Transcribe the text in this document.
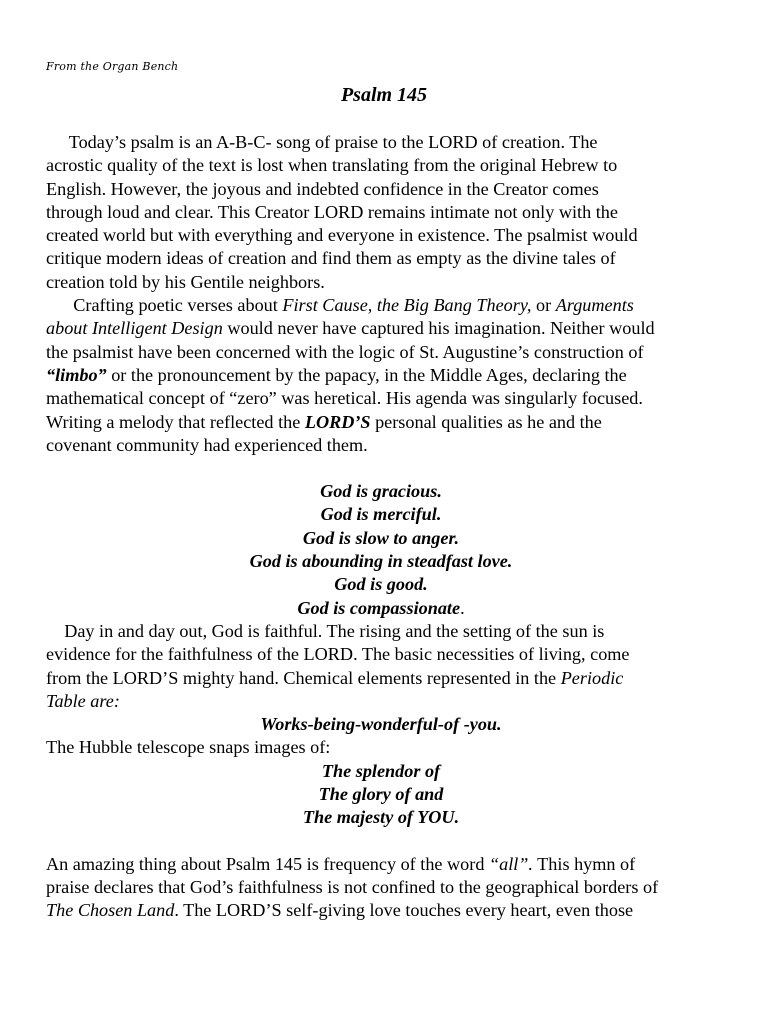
From the Organ Bench
Psalm 145
Today’s psalm is an A-B-C- song of praise to the LORD of creation. The
acrostic quality of the text is lost when translating from the original Hebrew to
English. However, the joyous and indebted confidence in the Creator comes
through loud and clear. This Creator LORD remains intimate not only with the
created world but with everything and everyone in existence. The psalmist would
critique modern ideas of creation and find them as empty as the divine tales of
creation told by his Gentile neighbors.
Crafting poetic verses about First Cause, the Big Bang Theory, or Arguments
about Intelligent Design would never have captured his imagination. Neither would
the psalmist have been concerned with the logic of St. Augustine’s construction of
“limbo” or the pronouncement by the papacy, in the Middle Ages, declaring the
mathematical concept of “zero” was heretical. His agenda was singularly focused.
Writing a melody that reflected the LORD’S personal qualities as he and the
covenant community had experienced them.
God is gracious.
God is merciful.
God is slow to anger.
God is abounding in steadfast love.
God is good.
God is compassionate.
Day in and day out, God is faithful. The rising and the setting of the sun is
evidence for the faithfulness of the LORD. The basic necessities of living, come
from the LORD’S mighty hand. Chemical elements represented in the Periodic
Table are:
Works-being-wonderful-of -you.
The Hubble telescope snaps images of:
The splendor of
The glory of and
The majesty of YOU.
An amazing thing about Psalm 145 is frequency of the word “all”. This hymn of
praise declares that God’s faithfulness is not confined to the geographical borders of
The Chosen Land. The LORD’S self-giving love touches every heart, even those
